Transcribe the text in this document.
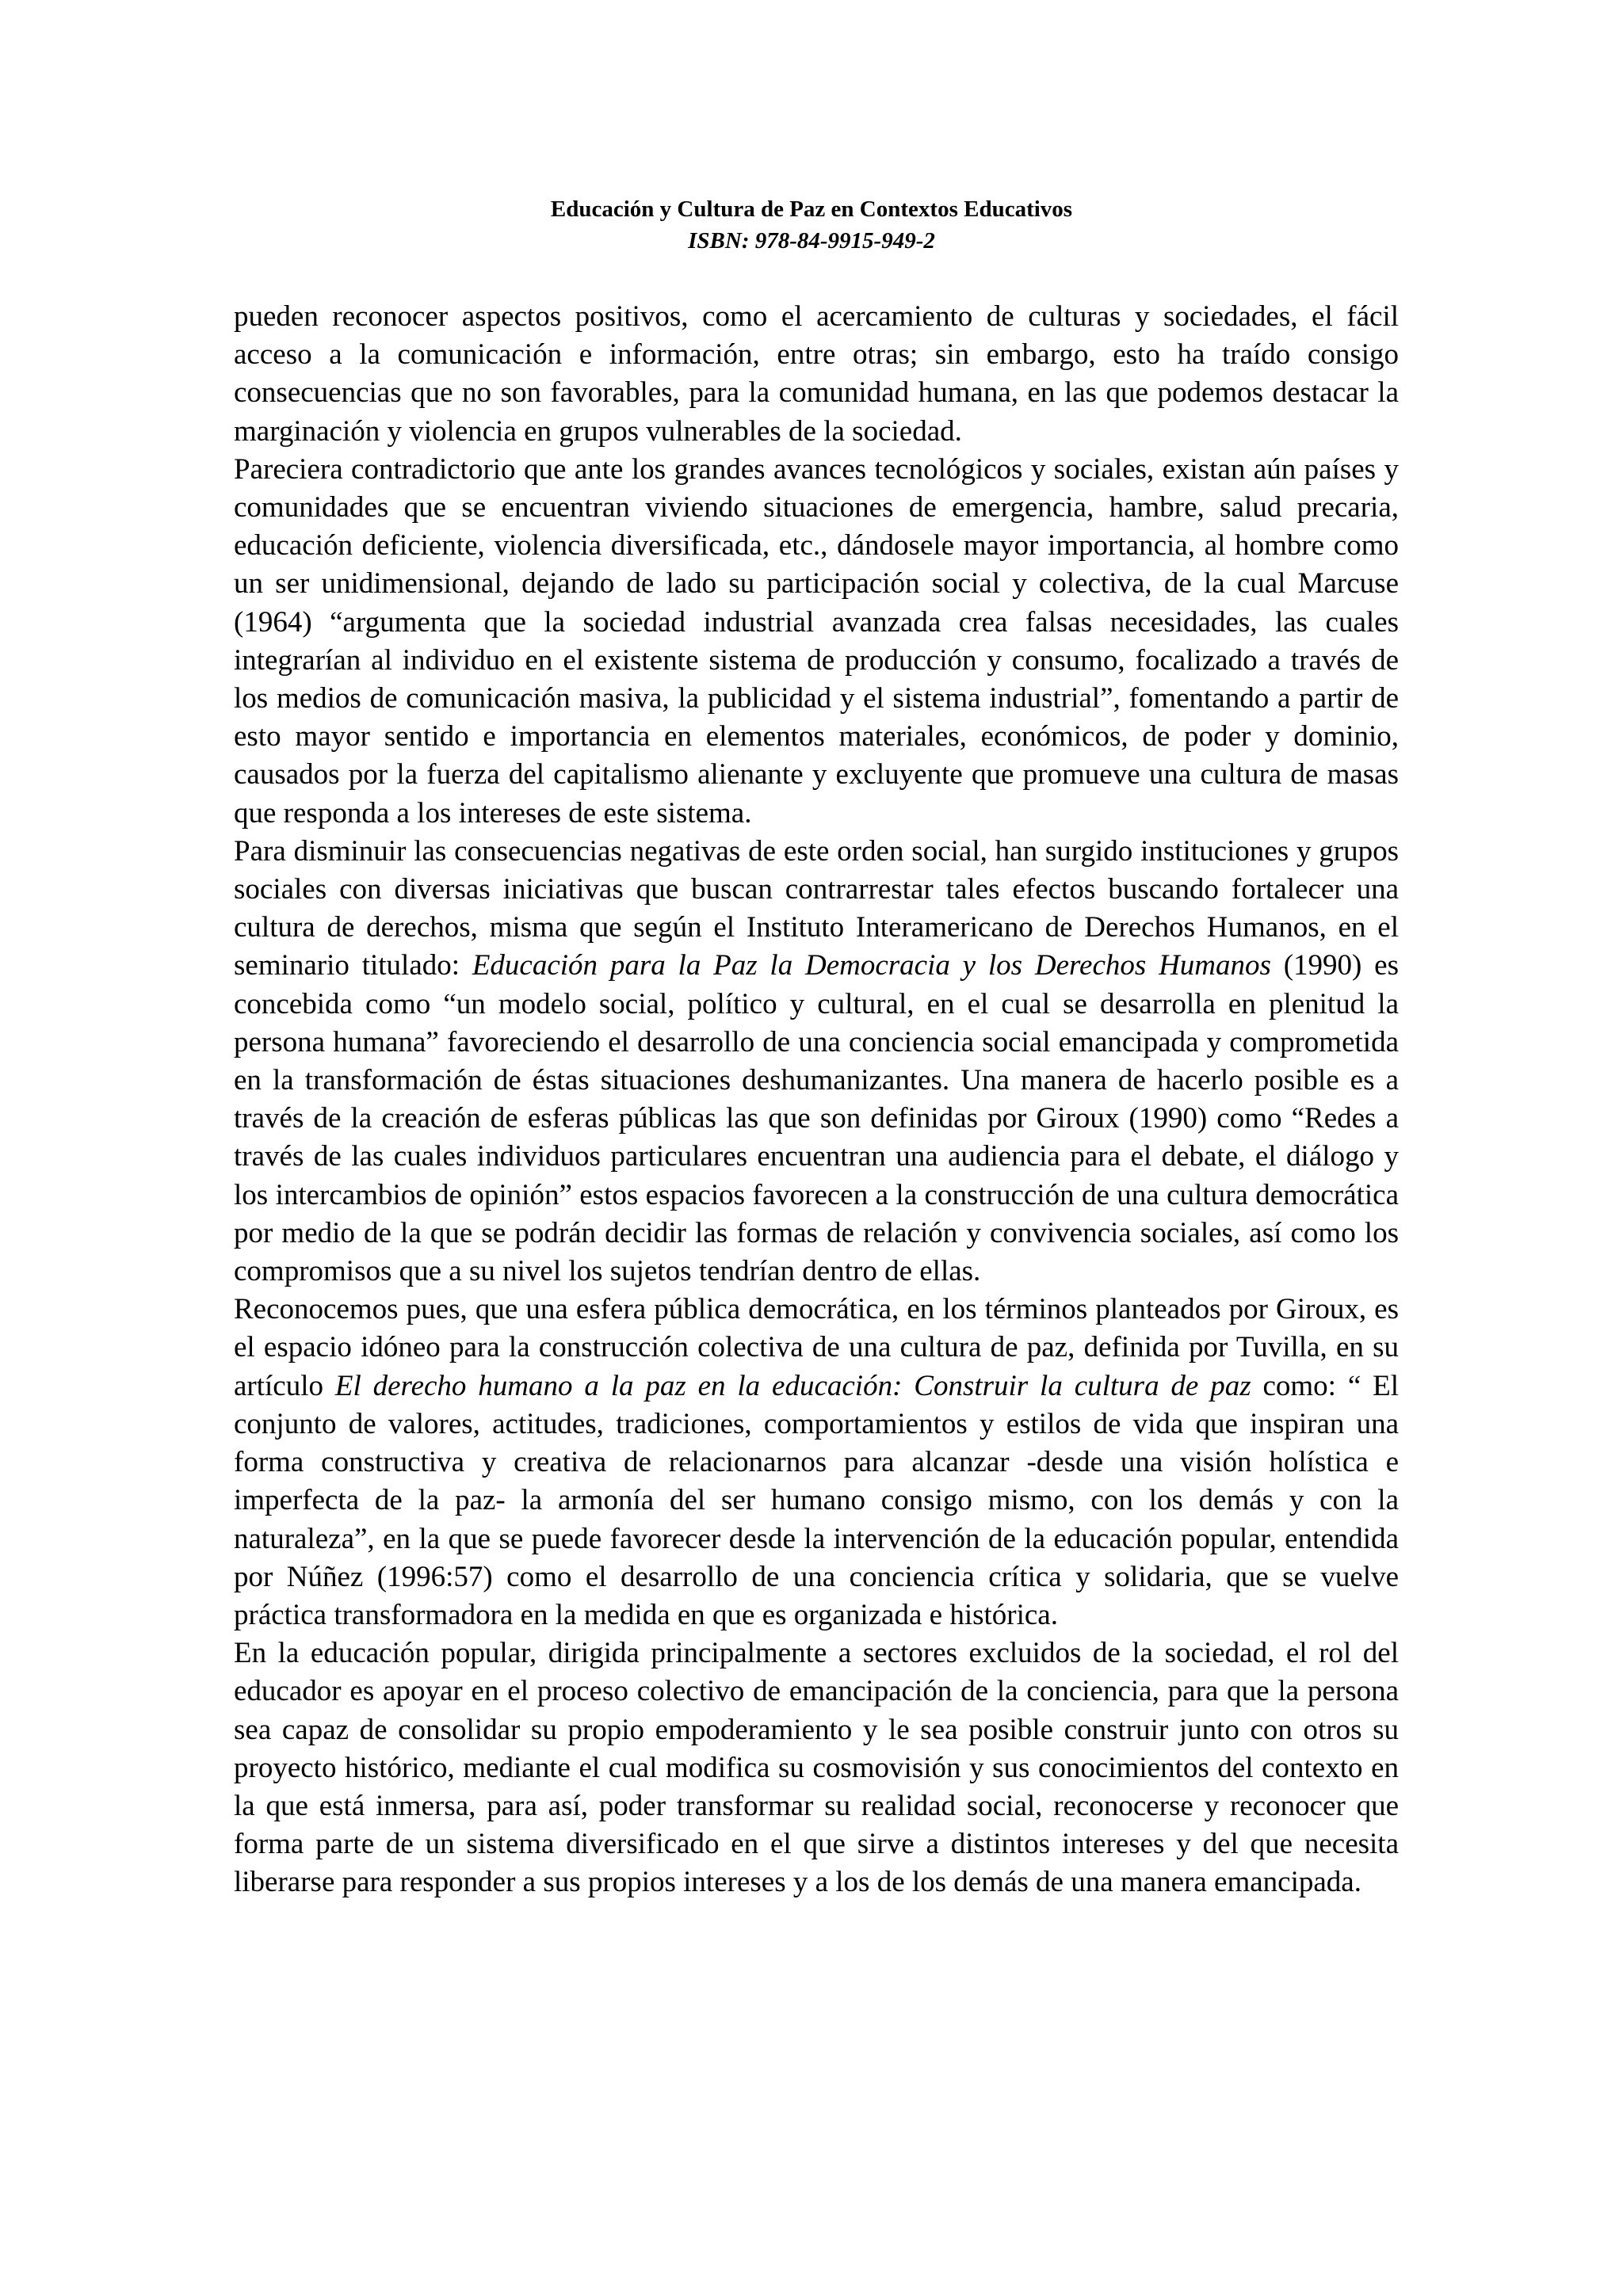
Educación y Cultura de Paz en Contextos Educativos
ISBN: 978-84-9915-949-2

pueden reconocer aspectos positivos, como el acercamiento de culturas y sociedades, el fácil acceso a la comunicación e información, entre otras; sin embargo, esto ha traído consigo consecuencias que no son favorables, para la comunidad humana, en las que podemos destacar la marginación y violencia en grupos vulnerables de la sociedad.

Pareciera contradictorio que ante los grandes avances tecnológicos y sociales, existan aún países y comunidades que se encuentran viviendo situaciones de emergencia, hambre, salud precaria, educación deficiente, violencia diversificada, etc., dándosele mayor importancia, al hombre como un ser unidimensional, dejando de lado su participación social y colectiva, de la cual Marcuse (1964) “argumenta que la sociedad industrial avanzada crea falsas necesidades, las cuales integrarían al individuo en el existente sistema de producción y consumo, focalizado a través de los medios de comunicación masiva, la publicidad y el sistema industrial”, fomentando a partir de esto mayor sentido e importancia en elementos materiales, económicos, de poder y dominio, causados por la fuerza del capitalismo alienante y excluyente que promueve una cultura de masas que responda a los intereses de este sistema.

Para disminuir las consecuencias negativas de este orden social, han surgido instituciones y grupos sociales con diversas iniciativas que buscan contrarrestar tales efectos buscando fortalecer una cultura de derechos, misma que según el Instituto Interamericano de Derechos Humanos, en el seminario titulado: Educación para la Paz la Democracia y los Derechos Humanos (1990) es concebida como “un modelo social, político y cultural, en el cual se desarrolla en plenitud la persona humana” favoreciendo el desarrollo de una conciencia social emancipada y comprometida en la transformación de éstas situaciones deshumanizantes. Una manera de hacerlo posible es a través de la creación de esferas públicas las que son definidas por Giroux (1990) como “Redes a través de las cuales individuos particulares encuentran una audiencia para el debate, el diálogo y los intercambios de opinión” estos espacios favorecen a la construcción de una cultura democrática por medio de la que se podrán decidir las formas de relación y convivencia sociales, así como los compromisos que a su nivel los sujetos tendrían dentro de ellas.

Reconocemos pues, que una esfera pública democrática, en los términos planteados por Giroux, es el espacio idóneo para la construcción colectiva de una cultura de paz, definida por Tuvilla, en su artículo El derecho humano a la paz en la educación: Construir la cultura de paz como: “ El conjunto de valores, actitudes, tradiciones, comportamientos y estilos de vida que inspiran una forma constructiva y creativa de relacionarnos para alcanzar -desde una visión holística e imperfecta de la paz- la armonía del ser humano consigo mismo, con los demás y con la naturaleza”, en la que se puede favorecer desde la intervención de la educación popular, entendida por Núñez (1996:57) como el desarrollo de una conciencia crítica y solidaria, que se vuelve práctica transformadora en la medida en que es organizada e histórica.

En la educación popular, dirigida principalmente a sectores excluidos de la sociedad, el rol del educador es apoyar en el proceso colectivo de emancipación de la conciencia, para que la persona sea capaz de consolidar su propio empoderamiento y le sea posible construir junto con otros su proyecto histórico, mediante el cual modifica su cosmovisión y sus conocimientos del contexto en la que está inmersa, para así, poder transformar su realidad social, reconocerse y reconocer que forma parte de un sistema diversificado en el que sirve a distintos intereses y del que necesita liberarse para responder a sus propios intereses y a los de los demás de una manera emancipada.
